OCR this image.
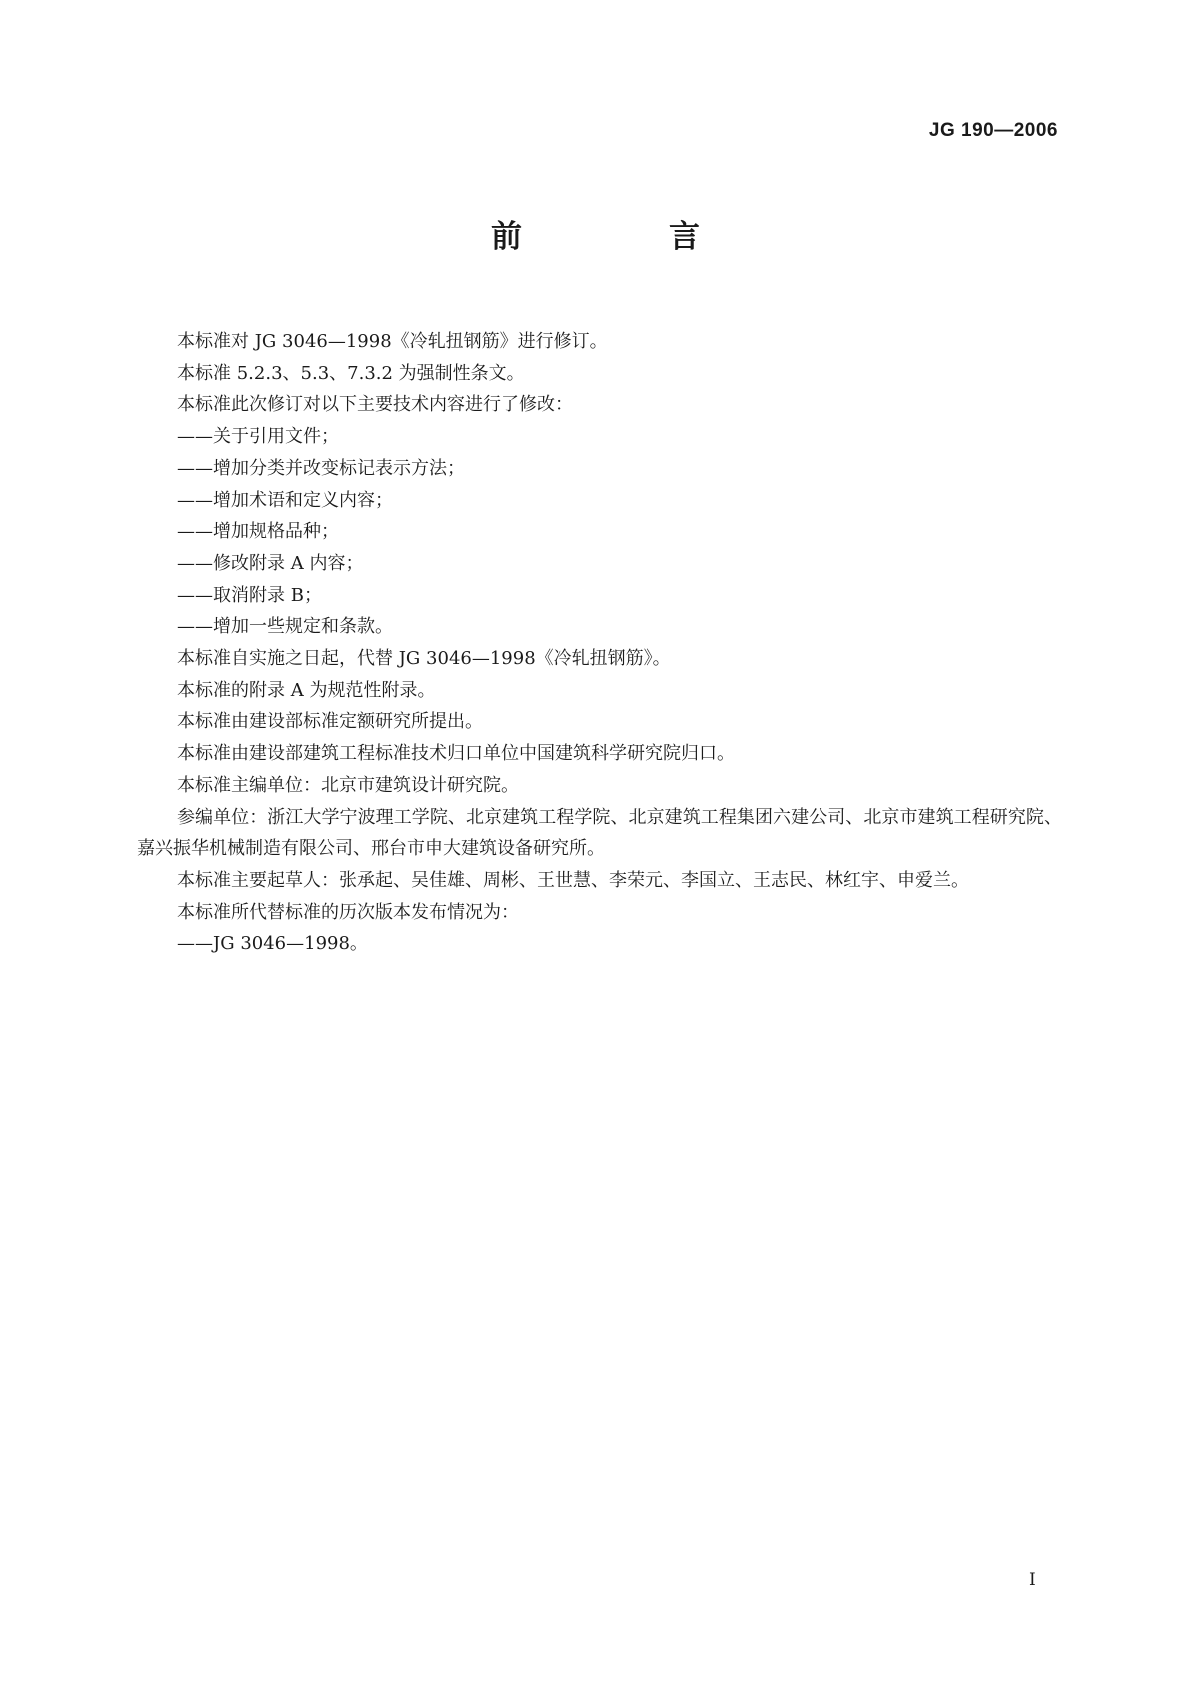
JG 190—2006
前　言

本标准对 JG 3046—1998《冷轧扭钢筋》进行修订。

本标准 5.2.3、5.3、7.3.2 为强制性条文。

本标准此次修订对以下主要技术内容进行了修改：

——关于引用文件；

——增加分类并改变标记表示方法；

——增加术语和定义内容；

——增加规格品种；

——修改附录 A 内容；

——取消附录 B；

——增加一些规定和条款。

本标准自实施之日起，代替 JG 3046—1998《冷轧扭钢筋》。

本标准的附录 A 为规范性附录。

本标准由建设部标准定额研究所提出。

本标准由建设部建筑工程标准技术归口单位中国建筑科学研究院归口。

本标准主编单位：北京市建筑设计研究院。

参编单位：浙江大学宁波理工学院、北京建筑工程学院、北京建筑工程集团六建公司、北京市建筑工程研究院、嘉兴振华机械制造有限公司、邢台市申大建筑设备研究所。

本标准主要起草人：张承起、吴佳雄、周彬、王世慧、李荣元、李国立、王志民、林红宇、申爱兰。

本标准所代替标准的历次版本发布情况为：

——JG 3046—1998。

I
